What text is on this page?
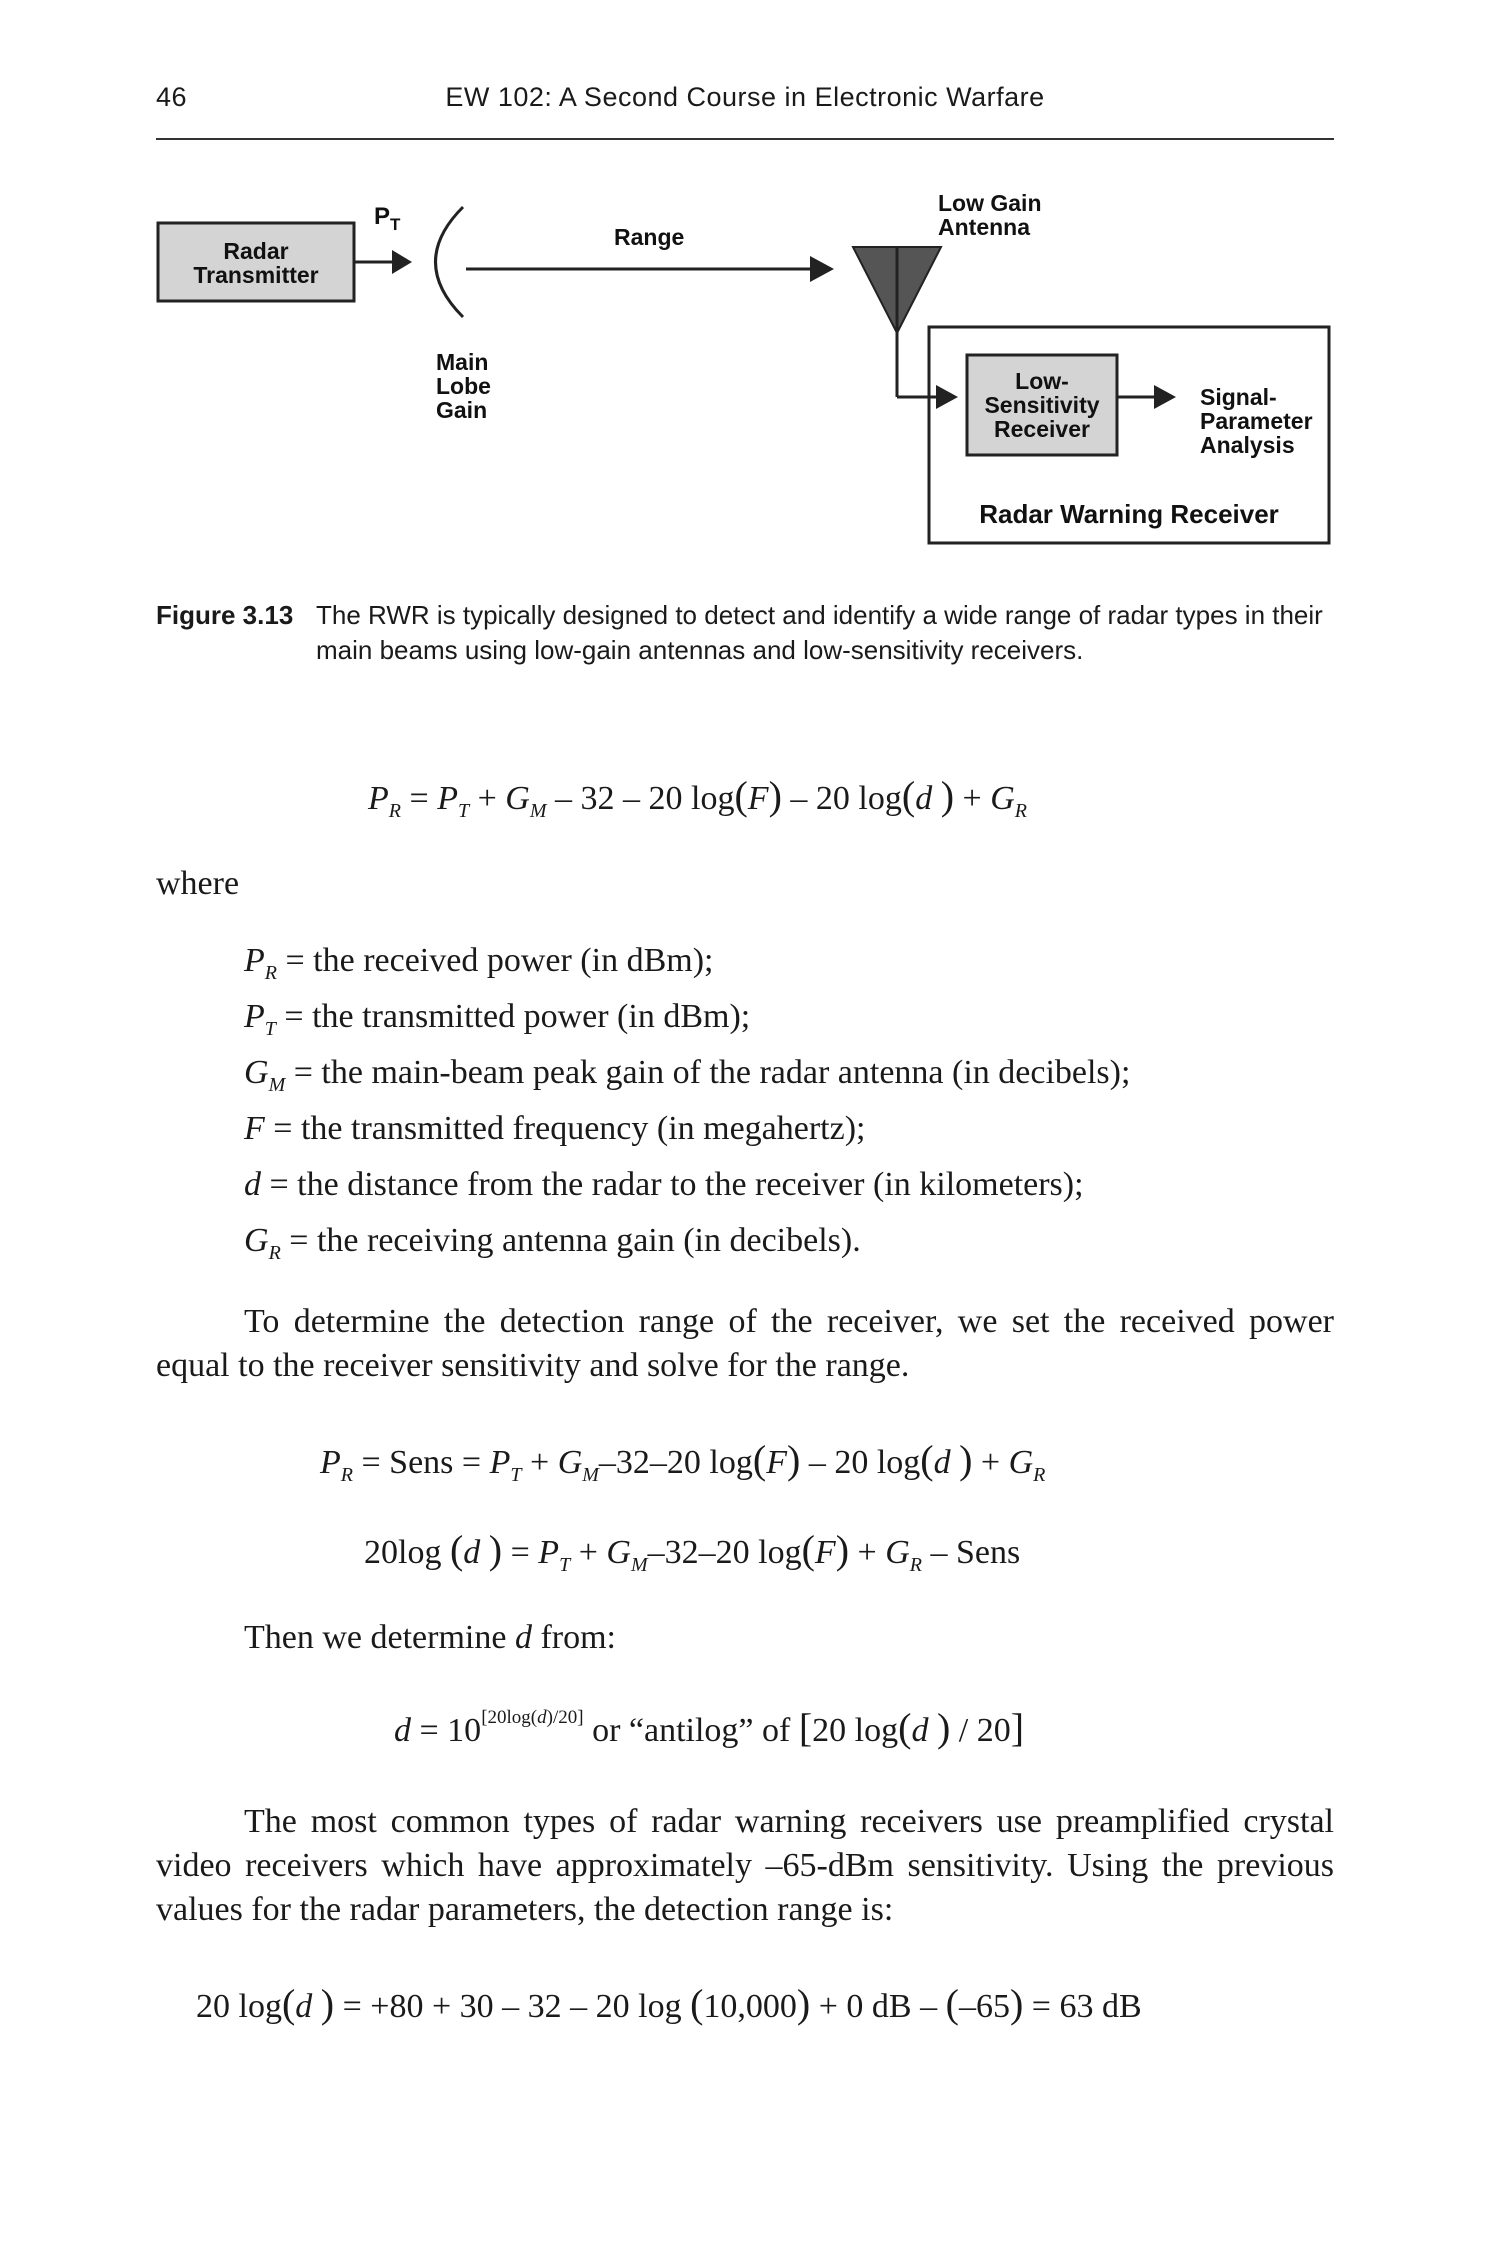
46	EW 102: A Second Course in Electronic Warfare
Radar
Transmitter
$P_T$	Range
Main
Lobe
Gain
Low Gain
Antenna
Low-
Sensitivity
Receiver
Signal-
Parameter
Analysis
Radar Warning Receiver
Figure 3.13 The RWR is typically designed to detect and identify a wide range of radar types in their main beams using low-gain antennas and low-sensitivity receivers.
$P_R = P_T + G_M - 32 - 20$ log(F) – 20 log(d ) + $G_R$
where
$P_R$ = the received power (in dBm);
$P_T$ = the transmitted power (in dBm);
$G_M$ = the main-beam peak gain of the radar antenna (in decibels);
F = the transmitted frequency (in megahertz);
d = the distance from the radar to the receiver (in kilometers);
$G_R$ = the receiving antenna gain (in decibels).
To determine the detection range of the receiver, we set the received power equal to the receiver sensitivity and solve for the range.
$P_R$ = Sens = $P_T + G_M-32-20$ log(F) – 20 log(d ) + $G_R$
20log (d ) = $P_T + G_M-32-20$ $\log(F) + G_R$ – Sens
Then we determine d from:
d = 10[20log(d)/20] or “antilog” of [20 log(d ) / 20]
The most common types of radar warning receivers use preamplified crystal video receivers which have approximately –65-dBm sensitivity. Using the previous values for the radar parameters, the detection range is:
20 log(d ) = +80 + 30 – 32 – 20 log (10,000) + 0 dB – (–65) = 63 dB
